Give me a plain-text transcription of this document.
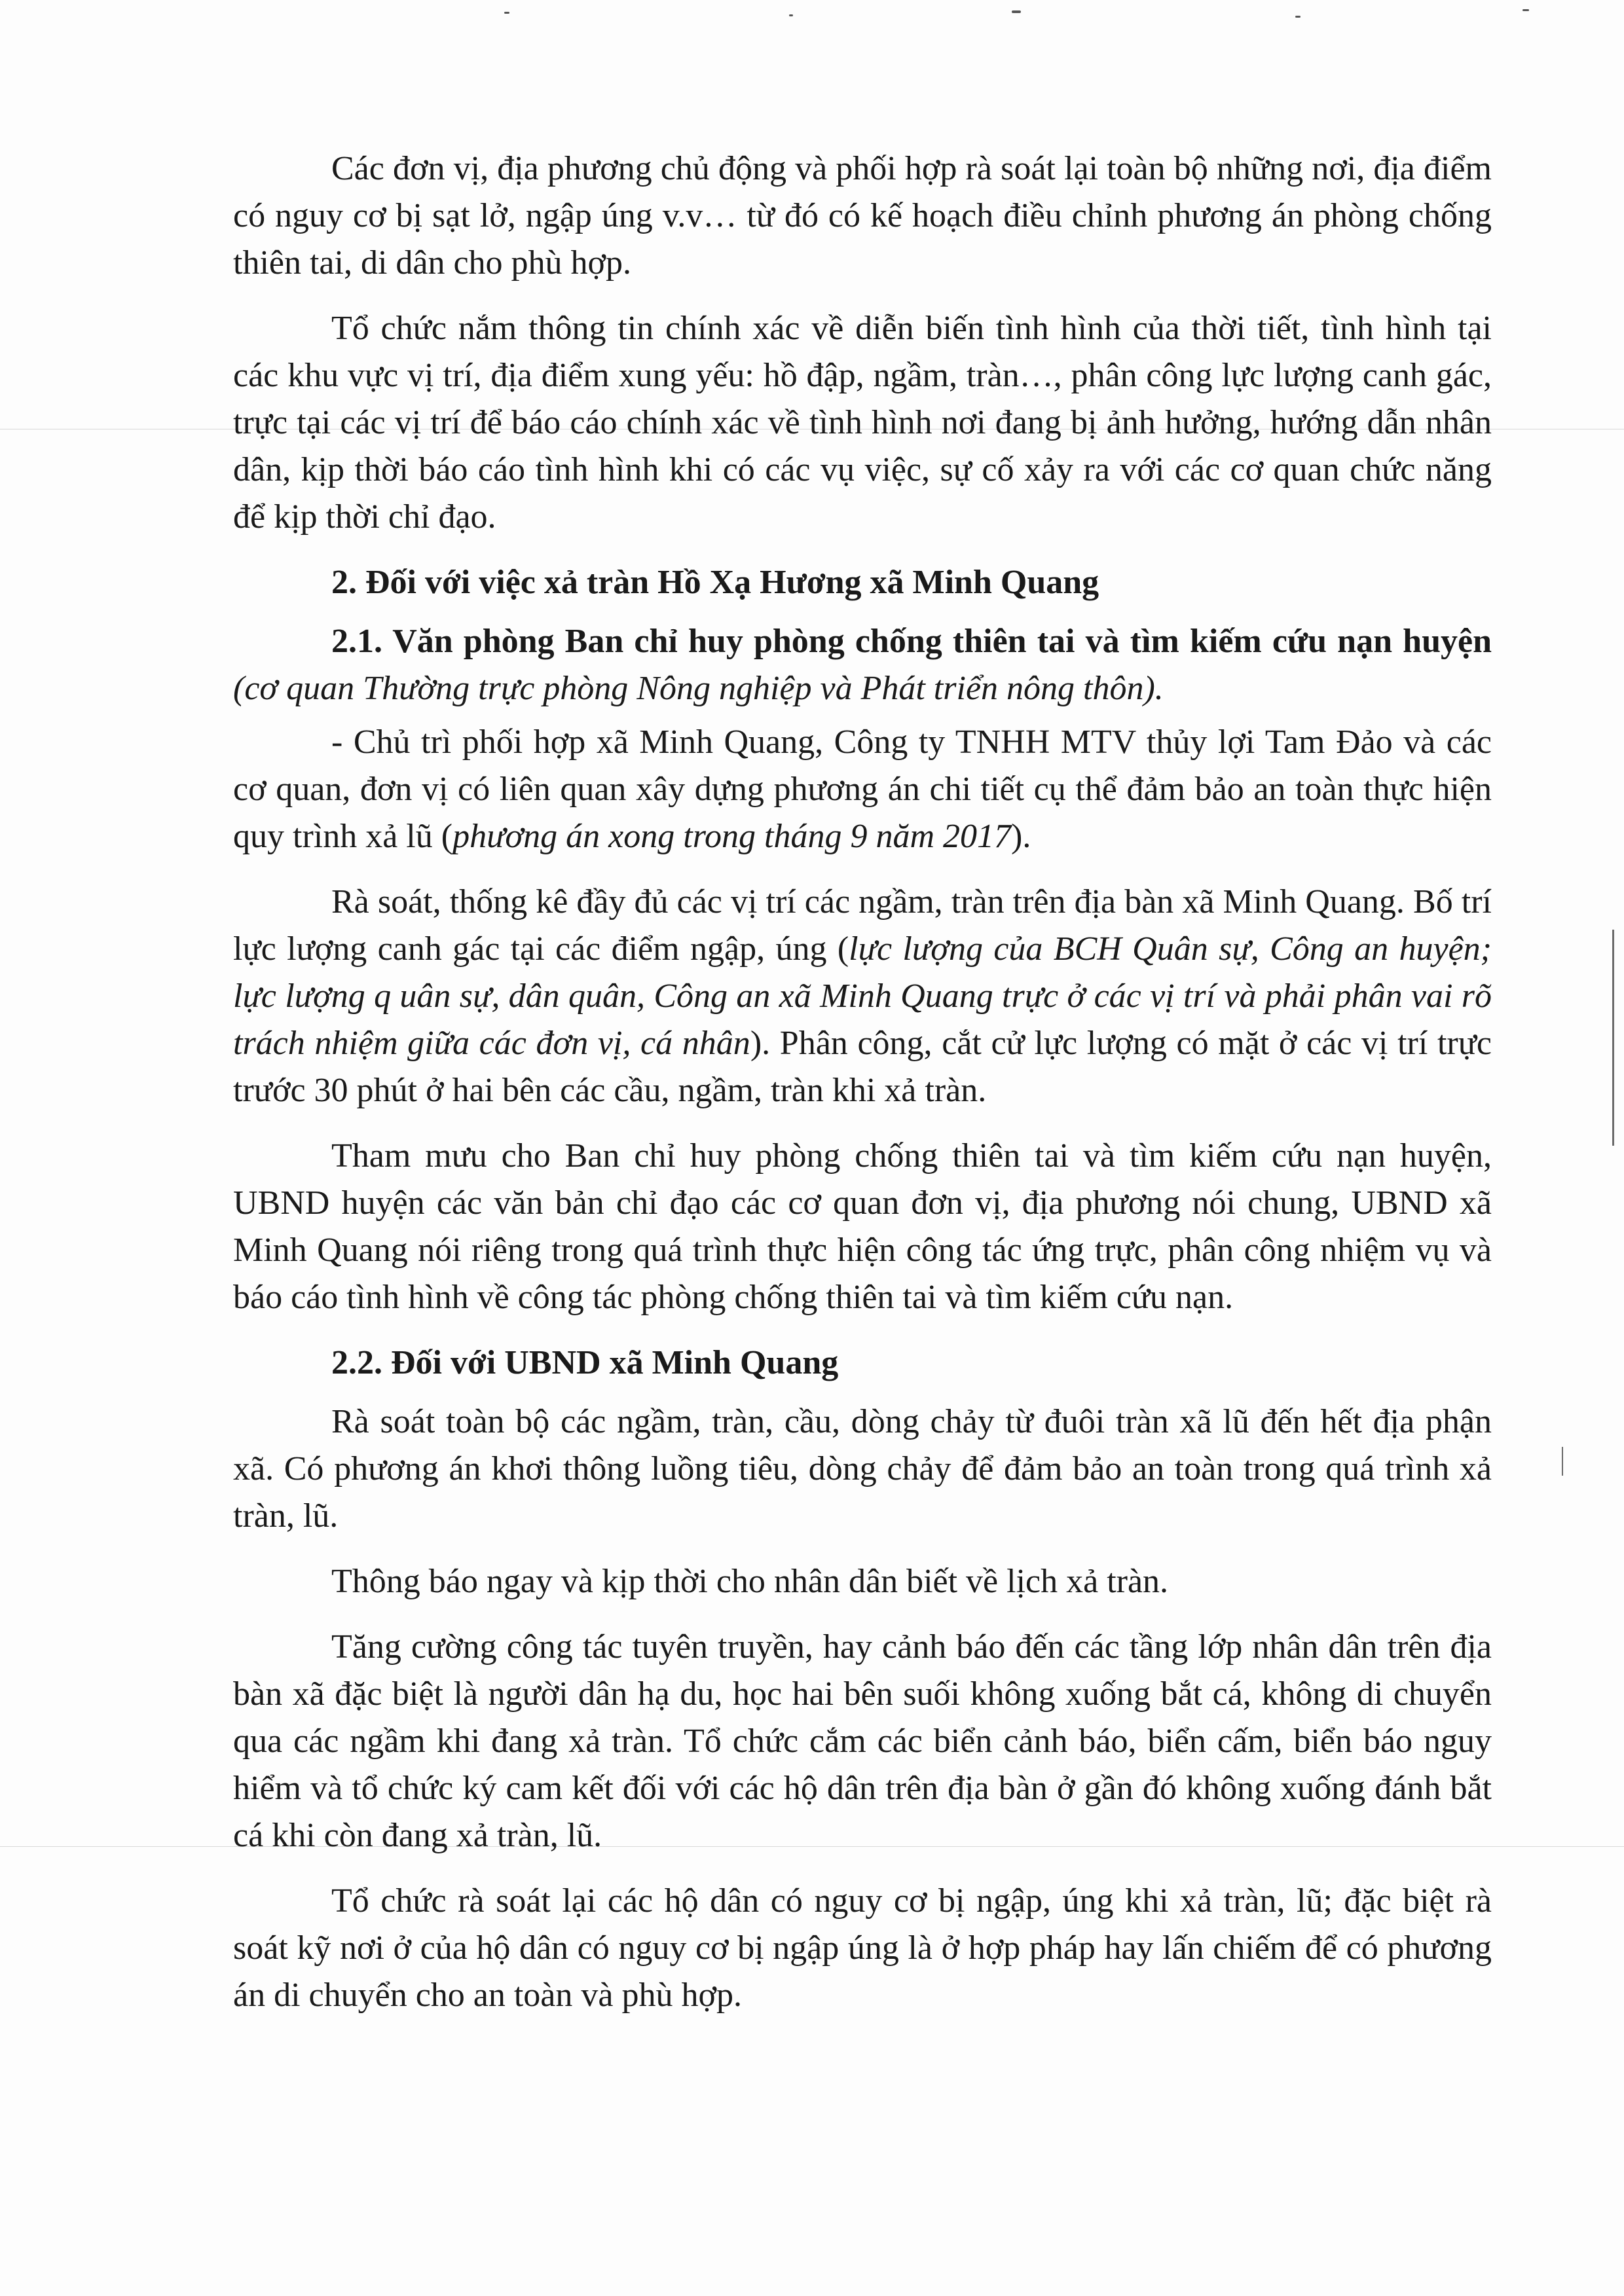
Các đơn vị, địa phương chủ động và phối hợp rà soát lại toàn bộ những nơi, địa điểm có nguy cơ bị sạt lở, ngập úng v.v… từ đó có kế hoạch điều chỉnh phương án phòng chống thiên tai, di dân cho phù hợp.

Tổ chức nắm thông tin chính xác về diễn biến tình hình của thời tiết, tình hình tại các khu vực vị trí, địa điểm xung yếu: hồ đập, ngầm, tràn…, phân công lực lượng canh gác, trực tại các vị trí để báo cáo chính xác về tình hình nơi đang bị ảnh hưởng, hướng dẫn nhân dân, kịp thời báo cáo tình hình khi có các vụ việc, sự cố xảy ra với các cơ quan chức năng để kịp thời chỉ đạo.

2. Đối với việc xả tràn Hồ Xạ Hương xã Minh Quang

2.1. Văn phòng Ban chỉ huy phòng chống thiên tai và tìm kiếm cứu nạn huyện (cơ quan Thường trực phòng Nông nghiệp và Phát triển nông thôn).

- Chủ trì phối hợp xã Minh Quang, Công ty TNHH MTV thủy lợi Tam Đảo và các cơ quan, đơn vị có liên quan xây dựng phương án chi tiết cụ thể đảm bảo an toàn thực hiện quy trình xả lũ (phương án xong trong tháng 9 năm 2017).

Rà soát, thống kê đầy đủ các vị trí các ngầm, tràn trên địa bàn xã Minh Quang. Bố trí lực lượng canh gác tại các điểm ngập, úng (lực lượng của BCH Quân sự, Công an huyện; lực lượng q uân sự, dân quân, Công an xã Minh Quang trực ở các vị trí và phải phân vai rõ trách nhiệm giữa các đơn vị, cá nhân). Phân công, cắt cử lực lượng có mặt ở các vị trí trực trước 30 phút ở hai bên các cầu, ngầm, tràn khi xả tràn.

Tham mưu cho Ban chỉ huy phòng chống thiên tai và tìm kiếm cứu nạn huyện, UBND huyện các văn bản chỉ đạo các cơ quan đơn vị, địa phương nói chung, UBND xã Minh Quang nói riêng trong quá trình thực hiện công tác ứng trực, phân công nhiệm vụ và báo cáo tình hình về công tác phòng chống thiên tai và tìm kiếm cứu nạn.

2.2. Đối với UBND xã Minh Quang

Rà soát toàn bộ các ngầm, tràn, cầu, dòng chảy từ đuôi tràn xã lũ đến hết địa phận xã. Có phương án khơi thông luồng tiêu, dòng chảy để đảm bảo an toàn trong quá trình xả tràn, lũ.

Thông báo ngay và kịp thời cho nhân dân biết về lịch xả tràn.

Tăng cường công tác tuyên truyền, hay cảnh báo đến các tầng lớp nhân dân trên địa bàn xã đặc biệt là người dân hạ du, học hai bên suối không xuống bắt cá, không di chuyển qua các ngầm khi đang xả tràn. Tổ chức cắm các biển cảnh báo, biển cấm, biển báo nguy hiểm và tổ chức ký cam kết đối với các hộ dân trên địa bàn ở gần đó không xuống đánh bắt cá khi còn đang xả tràn, lũ.

Tổ chức rà soát lại các hộ dân có nguy cơ bị ngập, úng khi xả tràn, lũ; đặc biệt rà soát kỹ nơi ở của hộ dân có nguy cơ bị ngập úng là ở hợp pháp hay lấn chiếm để có phương án di chuyển cho an toàn và phù hợp.
